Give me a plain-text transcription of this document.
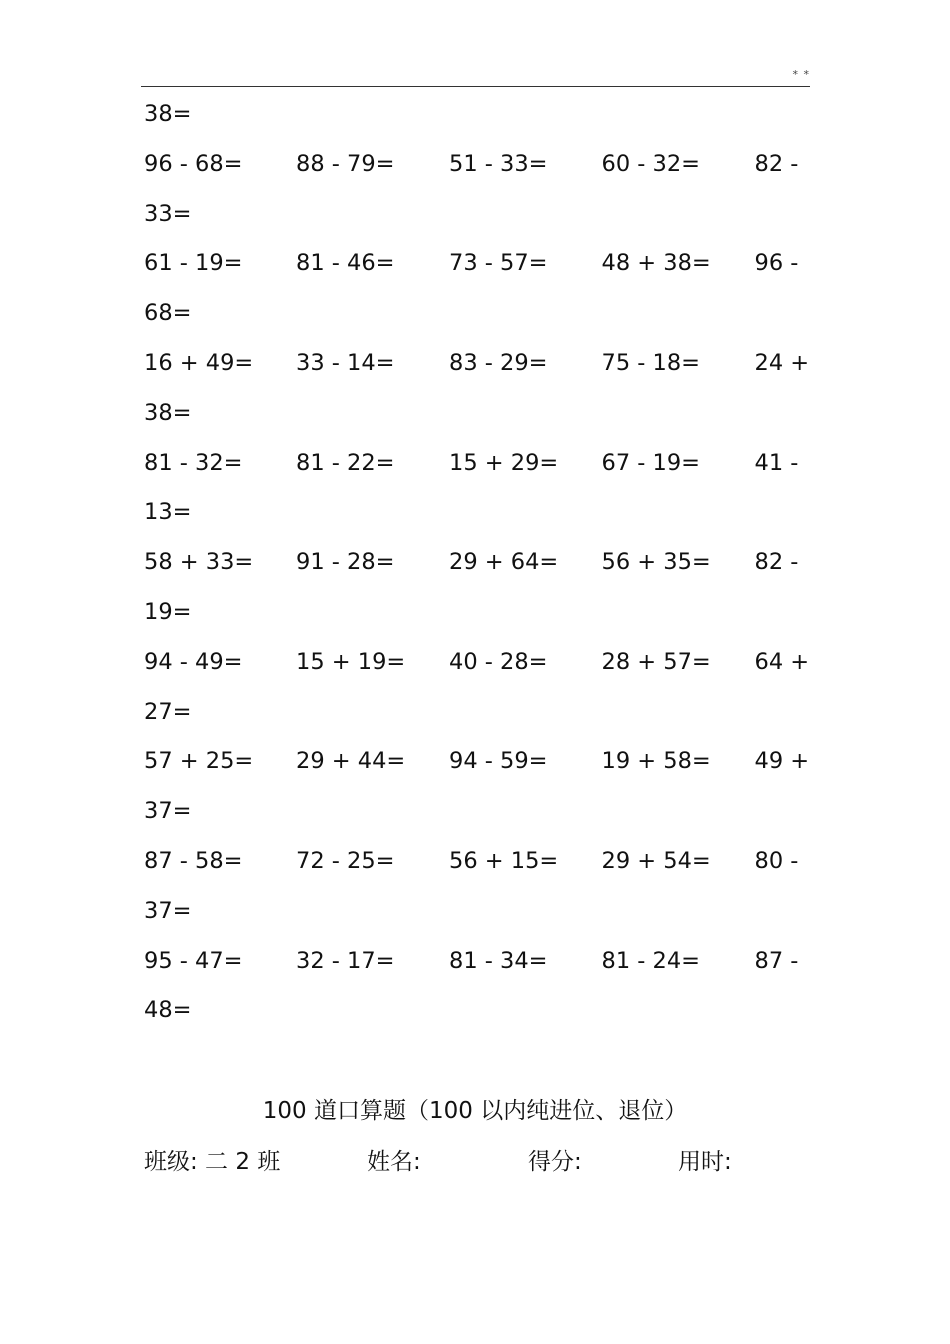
* *
38=
96 - 68= 88 - 79= 51 - 33= 60 - 32= 82 -
33=
61 - 19= 81 - 46= 73 - 57= 48 + 38= 96 -
68=
16 + 49= 33 - 14= 83 - 29= 75 - 18= 24 +
38=
81 - 32= 81 - 22= 15 + 29= 67 - 19= 41 -
13=
58 + 33= 91 - 28= 29 + 64= 56 + 35= 82 -
19=
94 - 49= 15 + 19= 40 - 28= 28 + 57= 64 +
27=
57 + 25= 29 + 44= 94 - 59= 19 + 58= 49 +
37=
87 - 58= 72 - 25= 56 + 15= 29 + 54= 80 -
37=
95 - 47= 32 - 17= 81 - 34= 81 - 24= 87 -
48=
100 道口算题（100 以内纯进位、退位）
班级: 二 2 班	姓名:	得分:	用时:
